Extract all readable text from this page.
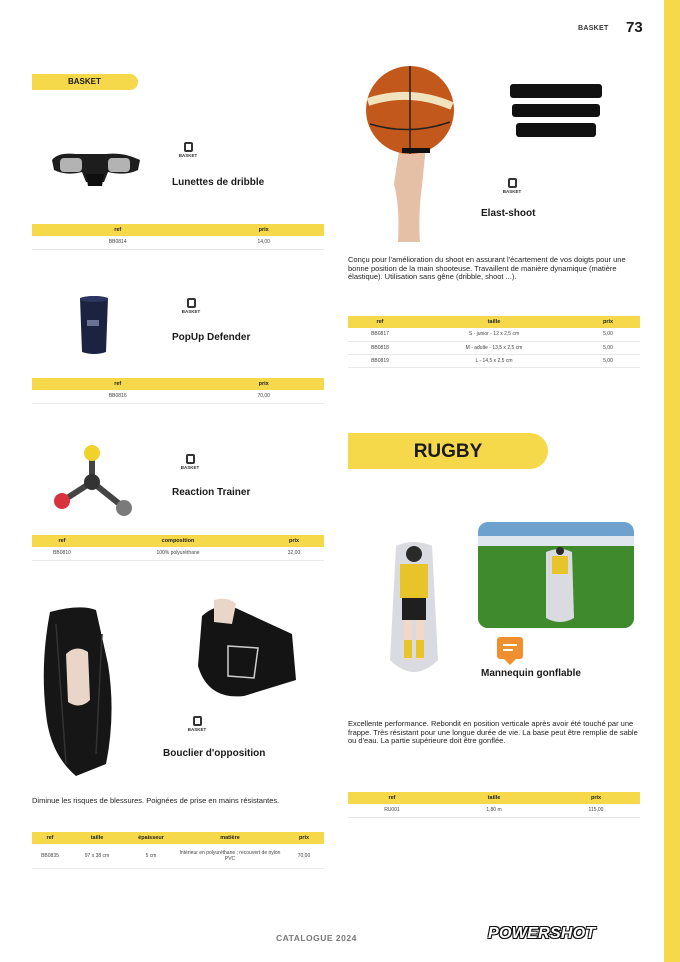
BASKET 73
BASKET
BASKET
Lunettes de dribble
ref	prix
BB0814	14,00
BASKET
PopUp Defender
ref	prix
BB0816	70,00
BASKET
Reaction Trainer
ref	composition	prix
BB0810	100% polyuréthane	32,00
BASKET
Bouclier d'opposition
Diminue les risques de blessures. Poignées de prise en mains résistantes.
ref	taille	épaisseur	matière	prix
BB0835	97 x 38 cm	5 cm	Intérieur en polyuréthane ; recouvert de nylon PVC	70,00
BASKET
Elast-shoot
Conçu pour l'amélioration du shoot en assurant l'écartement de vos doigts pour une bonne position de la main shooteuse. Travaillent de manière dynamique (matière élastique). Utilisation sans gêne (dribble, shoot ...).
ref	taille	prix
BB0817	S - junior - 12 x 2,5 cm	5,00
BB0818	M - adulte - 13,5 x 2,5 cm	5,00
BB0819	L - 14,5 x 2,5 cm	5,00
RUGBY
Mannequin gonflable
Excellente performance. Rebondit en position verticale après avoir été touché par une frappe. Très résistant pour une longue durée de vie. La base peut être remplie de sable ou d'eau. La partie supérieure doit être gonflée.
ref	taille	prix
RU001	1,80 m	115,00
CATALOGUE 2024	POWERSHOT
